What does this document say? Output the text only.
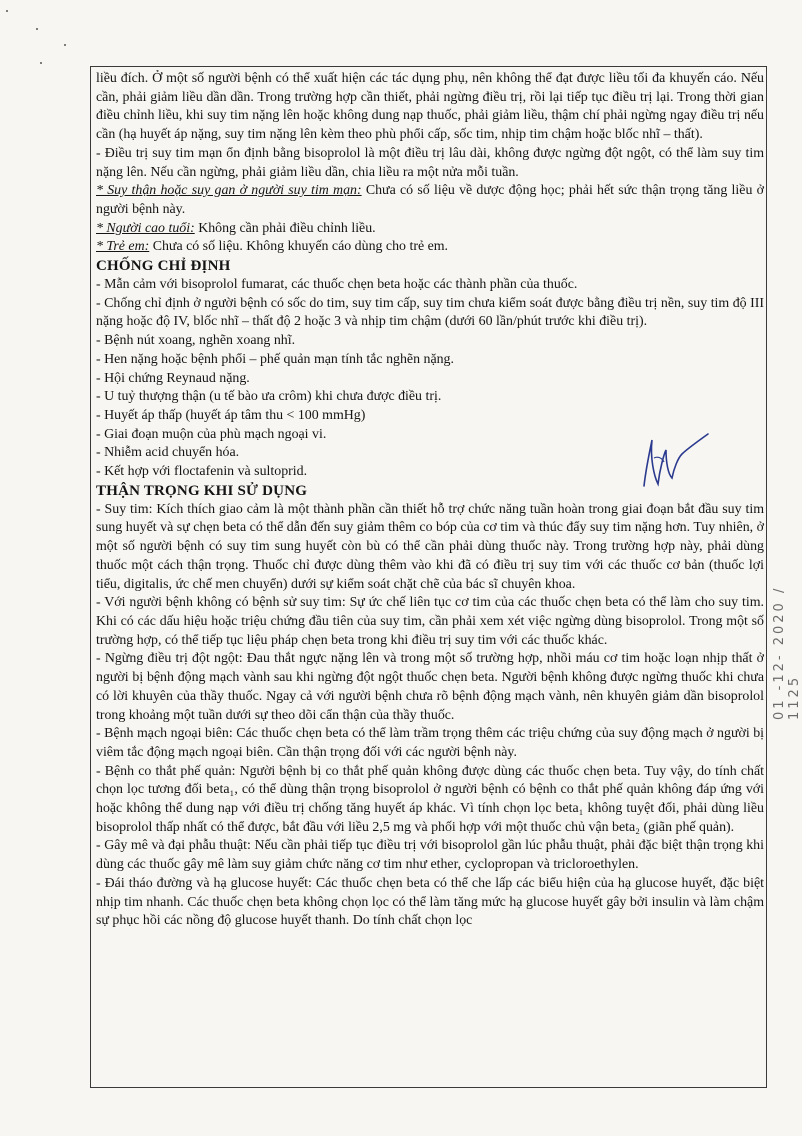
liều đích. Ở một số người bệnh có thể xuất hiện các tác dụng phụ, nên không thể đạt được liều tối đa khuyến cáo. Nếu cần, phải giảm liều dần dần. Trong trường hợp cần thiết, phải ngừng điều trị, rồi lại tiếp tục điều trị lại. Trong thời gian điều chỉnh liều, khi suy tim nặng lên hoặc không dung nạp thuốc, phải giảm liều, thậm chí phải ngừng ngay điều trị nếu cần (hạ huyết áp nặng, suy tim nặng lên kèm theo phù phổi cấp, sốc tim, nhịp tim chậm hoặc blốc nhĩ – thất).

- Điều trị suy tim mạn ổn định bằng bisoprolol là một điều trị lâu dài, không được ngừng đột ngột, có thể làm suy tim nặng lên. Nếu cần ngừng, phải giảm liều dần, chia liều ra một nửa mỗi tuần.

* Suy thận hoặc suy gan ở người suy tim mạn: Chưa có số liệu về dược động học; phải hết sức thận trọng tăng liều ở người bệnh này.

* Người cao tuổi: Không cần phải điều chỉnh liều.

* Trẻ em: Chưa có số liệu. Không khuyến cáo dùng cho trẻ em.

CHỐNG CHỈ ĐỊNH

- Mẫn cảm với bisoprolol fumarat, các thuốc chẹn beta hoặc các thành phần của thuốc.

- Chống chỉ định ở người bệnh có sốc do tim, suy tim cấp, suy tim chưa kiểm soát được bằng điều trị nền, suy tim độ III nặng hoặc độ IV, blốc nhĩ – thất độ 2 hoặc 3 và nhịp tim chậm (dưới 60 lần/phút trước khi điều trị).

- Bệnh nút xoang, nghẽn xoang nhĩ.

- Hen nặng hoặc bệnh phổi – phế quản mạn tính tắc nghẽn nặng.

- Hội chứng Reynaud nặng.

- U tuỷ thượng thận (u tế bào ưa crôm) khi chưa được điều trị.

- Huyết áp thấp (huyết áp tâm thu < 100 mmHg)

- Giai đoạn muộn của phù mạch ngoại vi.

- Nhiễm acid chuyển hóa.

- Kết hợp với floctafenin và sultoprid.

THẬN TRỌNG KHI SỬ DỤNG

- Suy tim: Kích thích giao cảm là một thành phần cần thiết hỗ trợ chức năng tuần hoàn trong giai đoạn bắt đầu suy tim sung huyết và sự chẹn beta có thể dẫn đến suy giảm thêm co bóp của cơ tim và thúc đẩy suy tim nặng hơn. Tuy nhiên, ở một số người bệnh có suy tim sung huyết còn bù có thể cần phải dùng thuốc này. Trong trường hợp này, phải dùng thuốc một cách thận trọng. Thuốc chỉ được dùng thêm vào khi đã có điều trị suy tim với các thuốc cơ bản (thuốc lợi tiểu, digitalis, ức chế men chuyển) dưới sự kiểm soát chặt chẽ của bác sĩ chuyên khoa.

- Với người bệnh không có bệnh sử suy tim: Sự ức chế liên tục cơ tim của các thuốc chẹn beta có thể làm cho suy tim. Khi có các dấu hiệu hoặc triệu chứng đầu tiên của suy tim, cần phải xem xét việc ngừng dùng bisoprolol. Trong một số trường hợp, có thể tiếp tục liệu pháp chẹn beta trong khi điều trị suy tim với các thuốc khác.

- Ngừng điều trị đột ngột: Đau thắt ngực nặng lên và trong một số trường hợp, nhồi máu cơ tim hoặc loạn nhịp thất ở người bị bệnh động mạch vành sau khi ngừng đột ngột thuốc chẹn beta. Người bệnh không được ngừng thuốc khi chưa có lời khuyên của thầy thuốc. Ngay cả với người bệnh chưa rõ bệnh động mạch vành, nên khuyên giảm dần bisoprolol trong khoảng một tuần dưới sự theo dõi cẩn thận của thầy thuốc.

- Bệnh mạch ngoại biên: Các thuốc chẹn beta có thể làm trầm trọng thêm các triệu chứng của suy động mạch ở người bị viêm tắc động mạch ngoại biên. Cần thận trọng đối với các người bệnh này.

- Bệnh co thắt phế quản: Người bệnh bị co thắt phế quản không được dùng các thuốc chẹn beta. Tuy vậy, do tính chất chọn lọc tương đối beta₁, có thể dùng thận trọng bisoprolol ở người bệnh có bệnh co thắt phế quản không đáp ứng với hoặc không thể dung nạp với điều trị chống tăng huyết áp khác. Vì tính chọn lọc beta₁ không tuyệt đối, phải dùng liều bisoprolol thấp nhất có thể được, bắt đầu với liều 2,5 mg và phối hợp với một thuốc chủ vận beta₂ (giãn phế quản).

- Gây mê và đại phẫu thuật: Nếu cần phải tiếp tục điều trị với bisoprolol gần lúc phẫu thuật, phải đặc biệt thận trọng khi dùng các thuốc gây mê làm suy giảm chức năng cơ tim như ether, cyclopropan và tricloroethylen.

- Đái tháo đường và hạ glucose huyết: Các thuốc chẹn beta có thể che lấp các biểu hiện của hạ glucose huyết, đặc biệt nhịp tim nhanh. Các thuốc chẹn beta không chọn lọc có thể làm tăng mức hạ glucose huyết gây bởi insulin và làm chậm sự phục hồi các nồng độ glucose huyết thanh. Do tính chất chọn lọc

01 -12- 2020 / 1125
